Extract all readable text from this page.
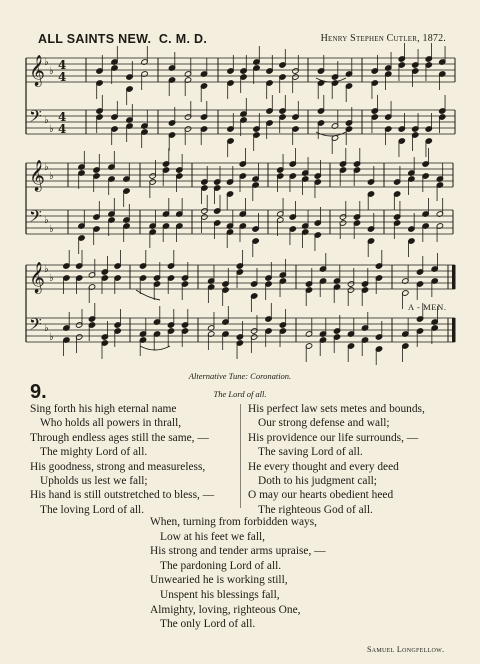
ALL SAINTS NEW. C. M. D.	Henry Stephen Cutler, 1872.
𝄞 ♭
♭ 4
4
𝄢 ♭
♭
4
4
𝄞 ♭
♭
𝄢 ♭
♭
𝄞 ♭
♭
𝄢 ♭
♭
A - MEN.
Alternative Tune: Coronation.
9.	The Lord of all.
Sing forth his high eternal name
Who holds all powers in thrall,
Through endless ages still the same, —
The mighty Lord of all.
His goodness, strong and measureless,
Upholds us lest we fall;
His hand is still outstretched to bless, —
The loving Lord of all.
His perfect law sets metes and bounds,
Our strong defense and wall;
His providence our life surrounds, —
The saving Lord of all.
He every thought and every deed
Doth to his judgment call;
O may our hearts obedient heed
The righteous God of all.
When, turning from forbidden ways,
Low at his feet we fall,
His strong and tender arms upraise, —
The pardoning Lord of all.
Unwearied he is working still,
Unspent his blessings fall,
Almighty, loving, righteous One,
The only Lord of all.
Samuel Longfellow.
